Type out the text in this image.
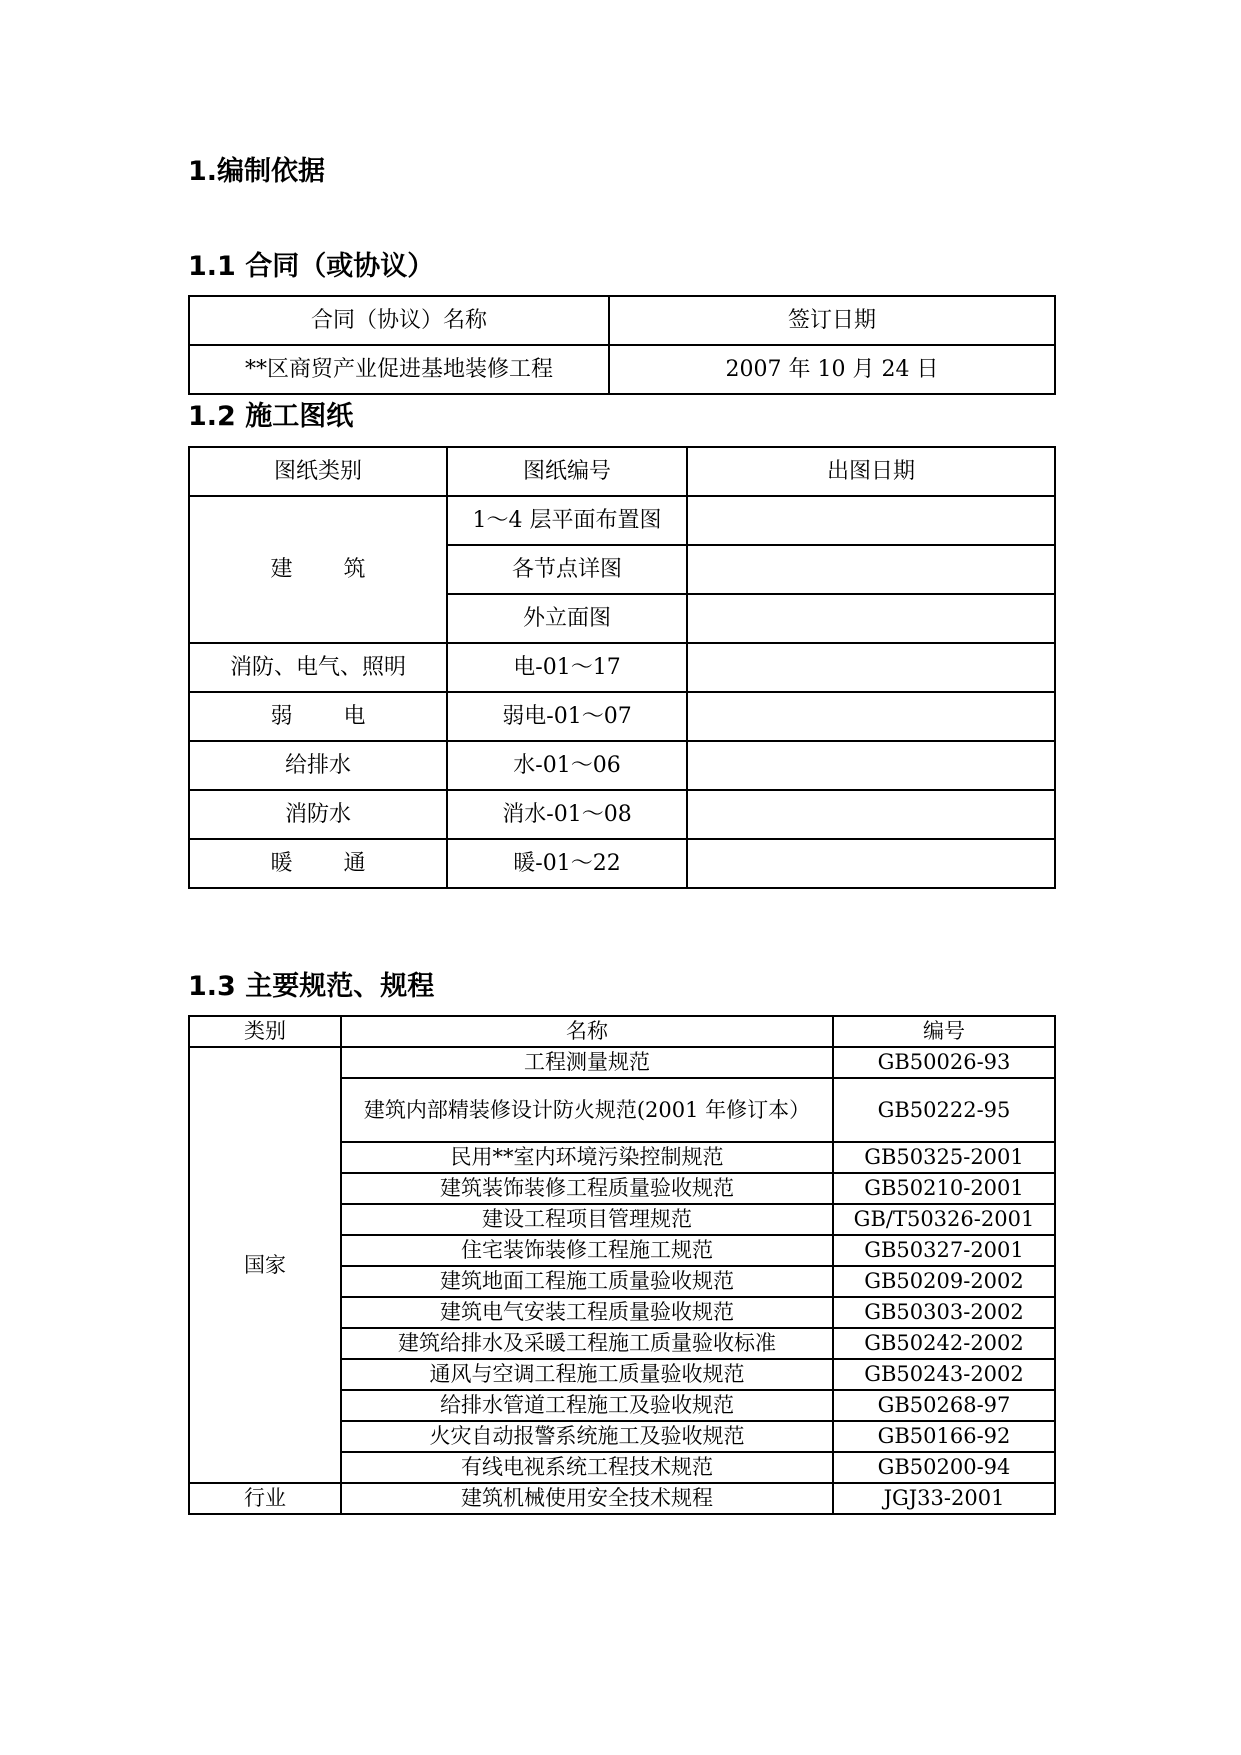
1.编制依据
1.1 合同（或协议）
合同（协议）名称	签订日期
**区商贸产业促进基地装修工程	2007 年 10 月 24 日
1.2 施工图纸
图纸类别	图纸编号	出图日期
建 筑	1～4 层平面布置图	
	各节点详图	
	外立面图	
消防、电气、照明	电-01～17	
弱 电	弱电-01～07	
给排水	水-01～06	
消防水	消水-01～08	
暖 通	暖-01～22	
1.3 主要规范、规程
类别	名称	编号
国家	工程测量规范	GB50026-93
	建筑内部精装修设计防火规范(2001 年修订本）	GB50222-95
	民用**室内环境污染控制规范	GB50325-2001
	建筑装饰装修工程质量验收规范	GB50210-2001
	建设工程项目管理规范	GB/T50326-2001
	住宅装饰装修工程施工规范	GB50327-2001
	建筑地面工程施工质量验收规范	GB50209-2002
	建筑电气安装工程质量验收规范	GB50303-2002
	建筑给排水及采暖工程施工质量验收标准	GB50242-2002
	通风与空调工程施工质量验收规范	GB50243-2002
	给排水管道工程施工及验收规范	GB50268-97
	火灾自动报警系统施工及验收规范	GB50166-92
	有线电视系统工程技术规范	GB50200-94
行业	建筑机械使用安全技术规程	JGJ33-2001
